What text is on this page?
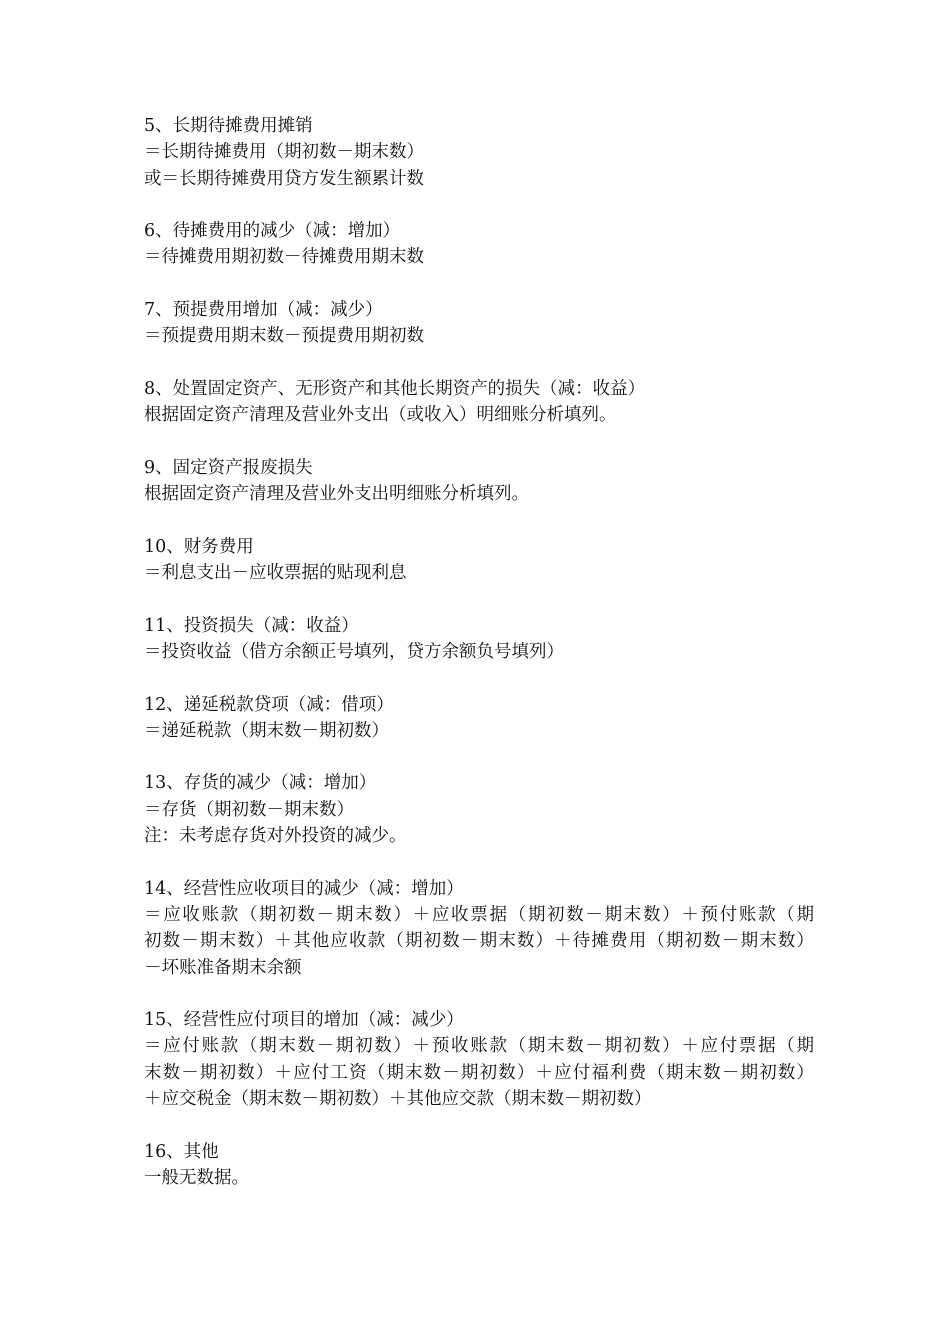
5、长期待摊费用摊销
＝长期待摊费用（期初数－期末数）
或＝长期待摊费用贷方发生额累计数
6、待摊费用的减少（减：增加）
＝待摊费用期初数－待摊费用期末数
7、预提费用增加（减：减少）
＝预提费用期末数－预提费用期初数
8、处置固定资产、无形资产和其他长期资产的损失（减：收益）
根据固定资产清理及营业外支出（或收入）明细账分析填列。
9、固定资产报废损失
根据固定资产清理及营业外支出明细账分析填列。
10、财务费用
＝利息支出－应收票据的贴现利息
11、投资损失（减：收益）
＝投资收益（借方余额正号填列，贷方余额负号填列）
12、递延税款贷项（减：借项）
＝递延税款（期末数－期初数）
13、存货的减少（减：增加）
＝存货（期初数－期末数）
注：未考虑存货对外投资的减少。
14、经营性应收项目的减少（减：增加）
＝应收账款（期初数－期末数）＋应收票据（期初数－期末数）＋预付账款（期
初数－期末数）＋其他应收款（期初数－期末数）＋待摊费用（期初数－期末数）
－坏账准备期末余额
15、经营性应付项目的增加（减：减少）
＝应付账款（期末数－期初数）＋预收账款（期末数－期初数）＋应付票据（期
末数－期初数）＋应付工资（期末数－期初数）＋应付福利费（期末数－期初数）
＋应交税金（期末数－期初数）＋其他应交款（期末数－期初数）
16、其他
一般无数据。
